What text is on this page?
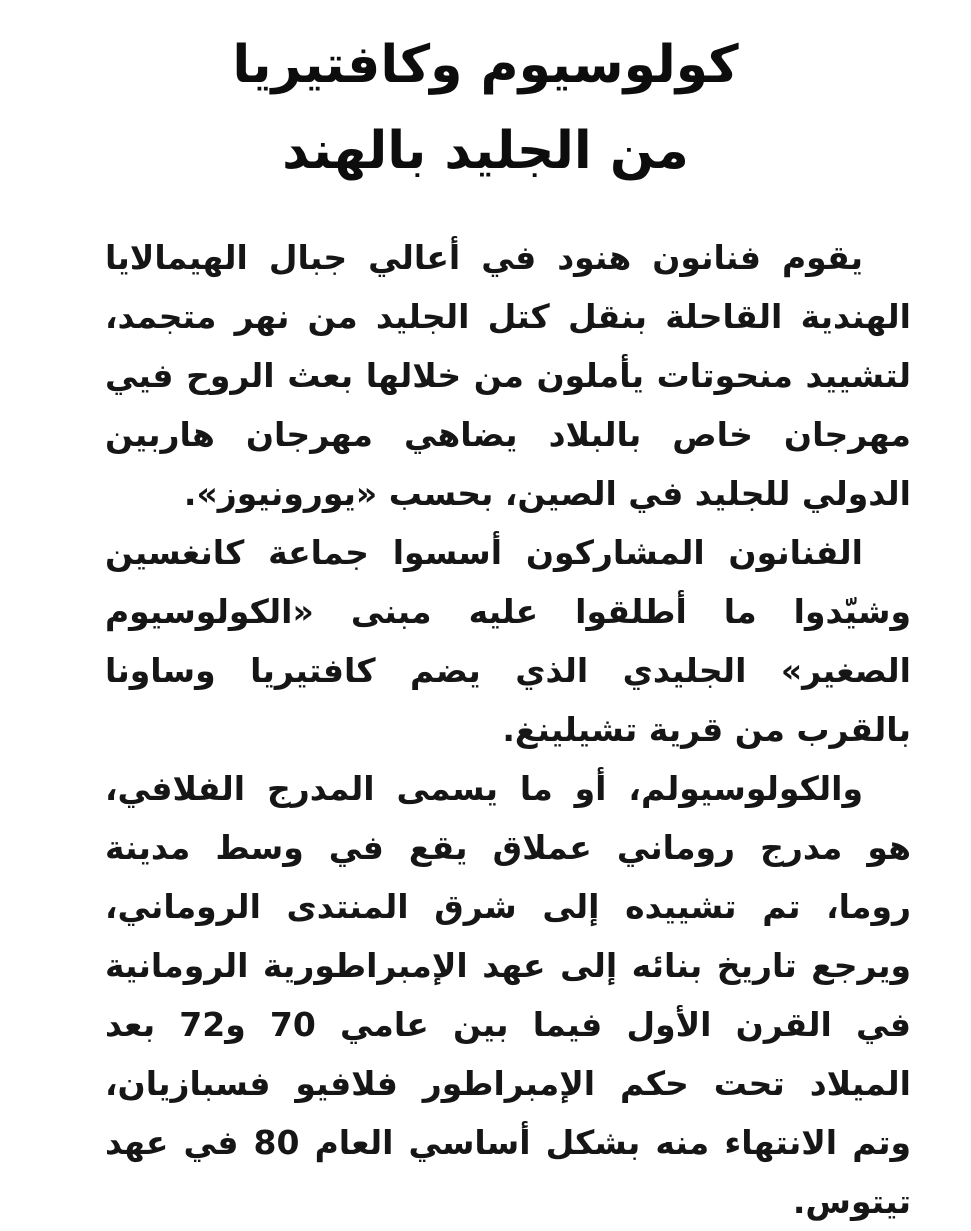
كولوسيوم وكافتيريا
من الجليد بالهند

يقوم فنانون هنود في أعالي جبال الهيمالايا الهندية القاحلة بنقل كتل الجليد من نهر متجمد، لتشييد منحوتات يأملون من خلالها بعث الروح فيي مهرجان خاص بالبلاد يضاهي مهرجان هاربين الدولي للجليد في الصين، بحسب «يورونيوز».

الفنانون المشاركون أسسوا جماعة كانغسين وشيّدوا ما أطلقوا عليه مبنى «الكولوسيوم الصغير» الجليدي الذي يضم كافتيريا وساونا بالقرب من قرية تشيلينغ.

والكولوسيولم، أو ما يسمى المدرج الفلافي، هو مدرج روماني عملاق يقع في وسط مدينة روما، تم تشييده إلى شرق المنتدى الروماني، ويرجع تاريخ بنائه إلى عهد الإمبراطورية الرومانية في القرن الأول فيما بين عامي 70 و72 بعد الميلاد تحت حكم الإمبراطور فلافيو فسبازيان، وتم الانتهاء منه بشكل أساسي العام 80 في عهد تيتوس.
